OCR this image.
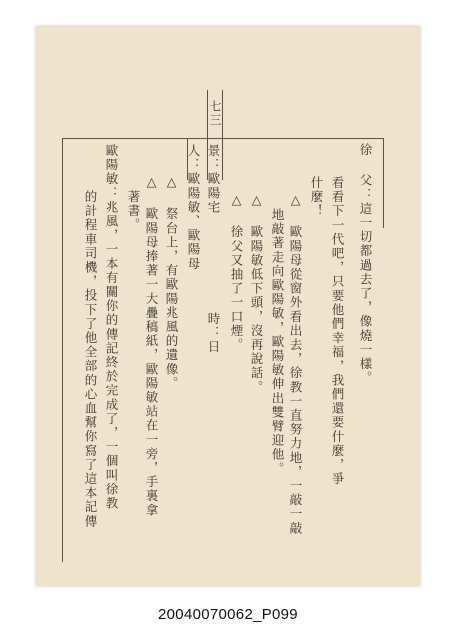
七三
徐 父：這一切都過去了，像燒一樣。
看看下一代吧，只要他們幸福，我們還要什麼，爭
什麼！
△ 歐陽母從窗外看出去，徐教一直努力地，一敲一敲
地敲著走向歐陽敏，歐陽敏伸出雙臂迎他。
△ 歐陽敏低下頭，沒再說話。
△ 徐父又抽了一口煙。
景：歐陽宅
時：日
人：歐陽敏、歐陽母
△ 祭台上，有歐陽兆風的遺像。
△ 歐陽母捧著一大疊稿紙，歐陽敏站在一旁，手裏拿
著書。
歐陽敏：兆風，一本有關你的傳記終於完成了，一個叫徐教
的計程車司機，投下了他全部的心血幫你寫了這本記傳
20040070062_P099
